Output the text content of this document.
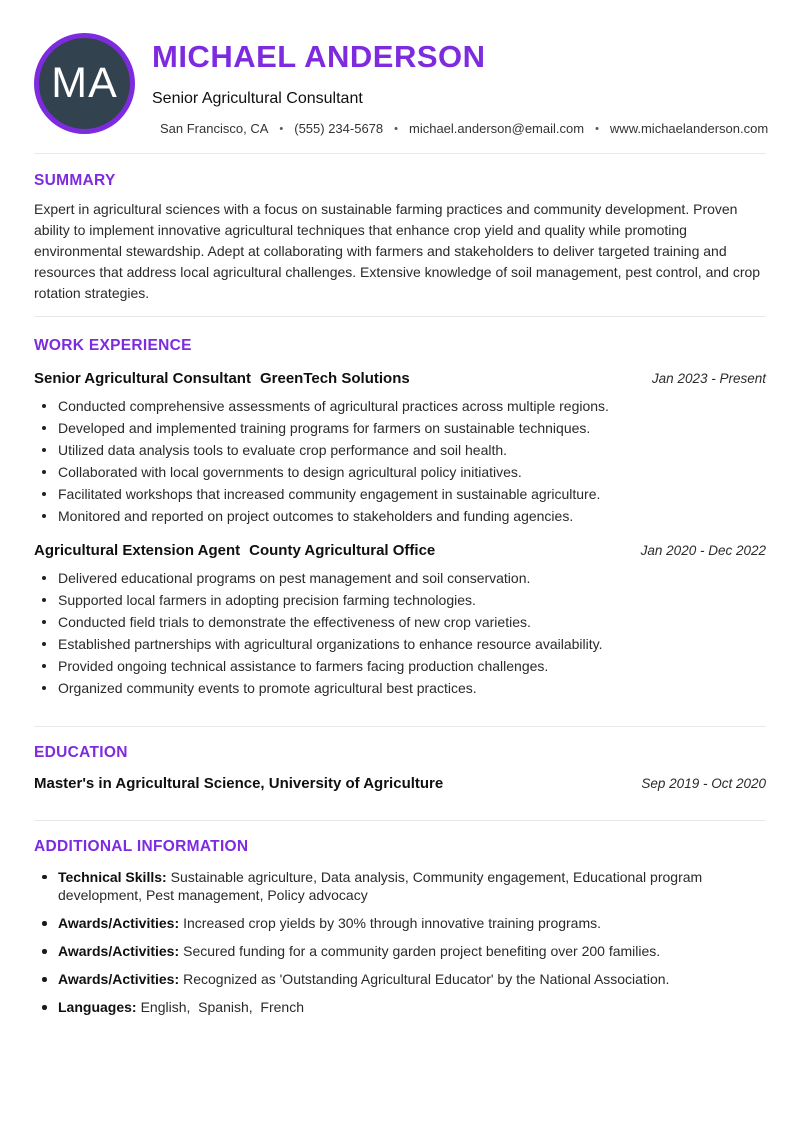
MA
MICHAEL ANDERSON
Senior Agricultural Consultant
San Francisco, CA • (555) 234-5678 • michael.anderson@email.com • www.michaelanderson.com
SUMMARY
Expert in agricultural sciences with a focus on sustainable farming practices and community development. Proven ability to implement innovative agricultural techniques that enhance crop yield and quality while promoting environmental stewardship. Adept at collaborating with farmers and stakeholders to deliver targeted training and resources that address local agricultural challenges. Extensive knowledge of soil management, pest control, and crop rotation strategies.
WORK EXPERIENCE
Senior Agricultural Consultant GreenTech Solutions	Jan 2023 - Present
Conducted comprehensive assessments of agricultural practices across multiple regions.
Developed and implemented training programs for farmers on sustainable techniques.
Utilized data analysis tools to evaluate crop performance and soil health.
Collaborated with local governments to design agricultural policy initiatives.
Facilitated workshops that increased community engagement in sustainable agriculture.
Monitored and reported on project outcomes to stakeholders and funding agencies.
Agricultural Extension Agent County Agricultural Office	Jan 2020 - Dec 2022
Delivered educational programs on pest management and soil conservation.
Supported local farmers in adopting precision farming technologies.
Conducted field trials to demonstrate the effectiveness of new crop varieties.
Established partnerships with agricultural organizations to enhance resource availability.
Provided ongoing technical assistance to farmers facing production challenges.
Organized community events to promote agricultural best practices.
EDUCATION
Master's in Agricultural Science, University of Agriculture	Sep 2019 - Oct 2020
ADDITIONAL INFORMATION
Technical Skills: Sustainable agriculture, Data analysis, Community engagement, Educational program development, Pest management, Policy advocacy
Awards/Activities: Increased crop yields by 30% through innovative training programs.
Awards/Activities: Secured funding for a community garden project benefiting over 200 families.
Awards/Activities: Recognized as 'Outstanding Agricultural Educator' by the National Association.
Languages: English,  Spanish,  French
